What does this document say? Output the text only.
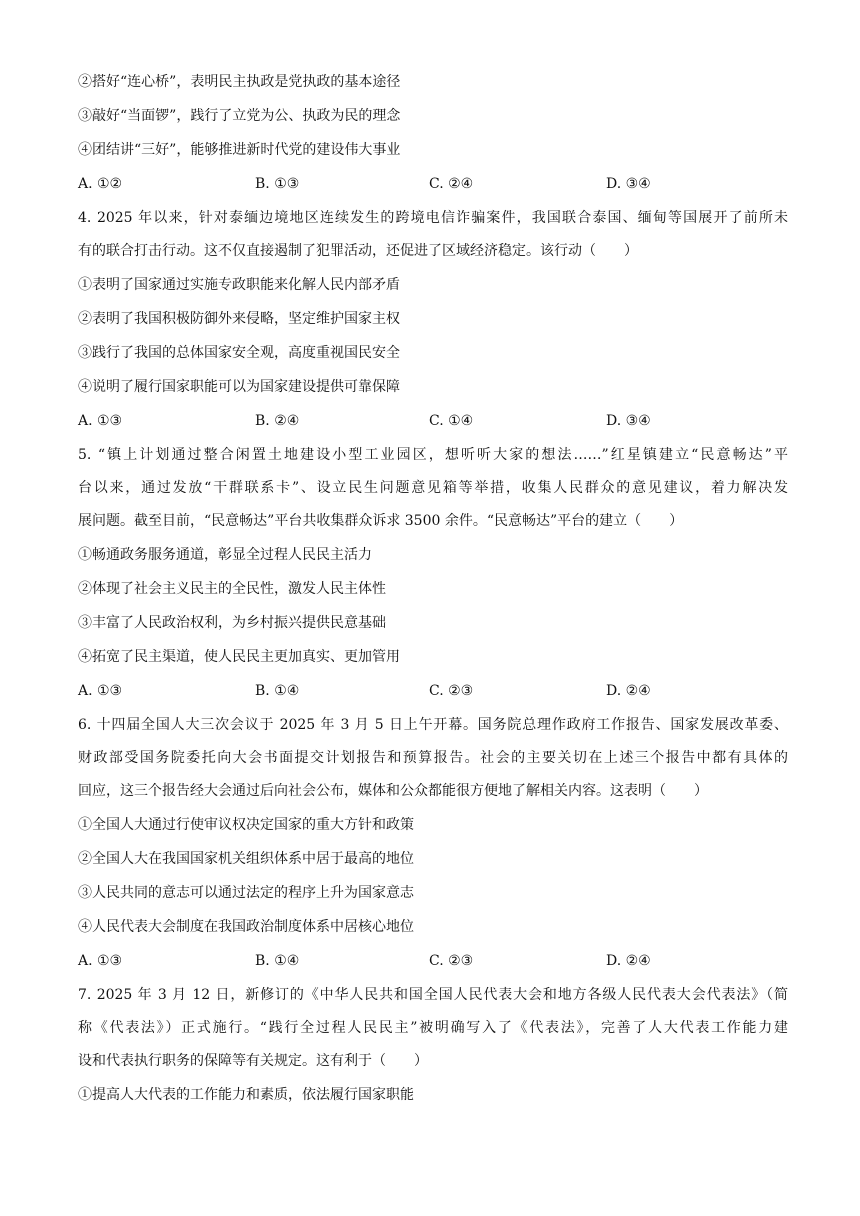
②搭好“连心桥”，表明民主执政是党执政的基本途径
③敲好“当面锣”，践行了立党为公、执政为民的理念
④团结讲“三好”，能够推进新时代党的建设伟大事业
A. ①②	B. ①③	C. ②④	D. ③④
4. 2025 年以来，针对泰缅边境地区连续发生的跨境电信诈骗案件，我国联合泰国、缅甸等国展开了前所未
有的联合打击行动。这不仅直接遏制了犯罪活动，还促进了区域经济稳定。该行动（　　）
①表明了国家通过实施专政职能来化解人民内部矛盾
②表明了我国积极防御外来侵略，坚定维护国家主权
③践行了我国的总体国家安全观，高度重视国民安全
④说明了履行国家职能可以为国家建设提供可靠保障
A. ①③	B. ②④	C. ①④	D. ③④
5. “镇上计划通过整合闲置土地建设小型工业园区，想听听大家的想法……”红星镇建立“民意畅达”平
台以来，通过发放“干群联系卡”、设立民生问题意见箱等举措，收集人民群众的意见建议，着力解决发
展问题。截至目前，“民意畅达”平台共收集群众诉求 3500 余件。“民意畅达”平台的建立（　　）
①畅通政务服务通道，彰显全过程人民民主活力
②体现了社会主义民主的全民性，激发人民主体性
③丰富了人民政治权利，为乡村振兴提供民意基础
④拓宽了民主渠道，使人民民主更加真实、更加管用
A. ①③	B. ①④	C. ②③	D. ②④
6. 十四届全国人大三次会议于 2025 年 3 月 5 日上午开幕。国务院总理作政府工作报告、国家发展改革委、
财政部受国务院委托向大会书面提交计划报告和预算报告。社会的主要关切在上述三个报告中都有具体的
回应，这三个报告经大会通过后向社会公布，媒体和公众都能很方便地了解相关内容。这表明（　　）
①全国人大通过行使审议权决定国家的重大方针和政策
②全国人大在我国国家机关组织体系中居于最高的地位
③人民共同的意志可以通过法定的程序上升为国家意志
④人民代表大会制度在我国政治制度体系中居核心地位
A. ①③	B. ①④	C. ②③	D. ②④
7. 2025 年 3 月 12 日，新修订的《中华人民共和国全国人民代表大会和地方各级人民代表大会代表法》（简
称《代表法》）正式施行。“践行全过程人民民主”被明确写入了《代表法》，完善了人大代表工作能力建
设和代表执行职务的保障等有关规定。这有利于（　　）
①提高人大代表的工作能力和素质，依法履行国家职能
